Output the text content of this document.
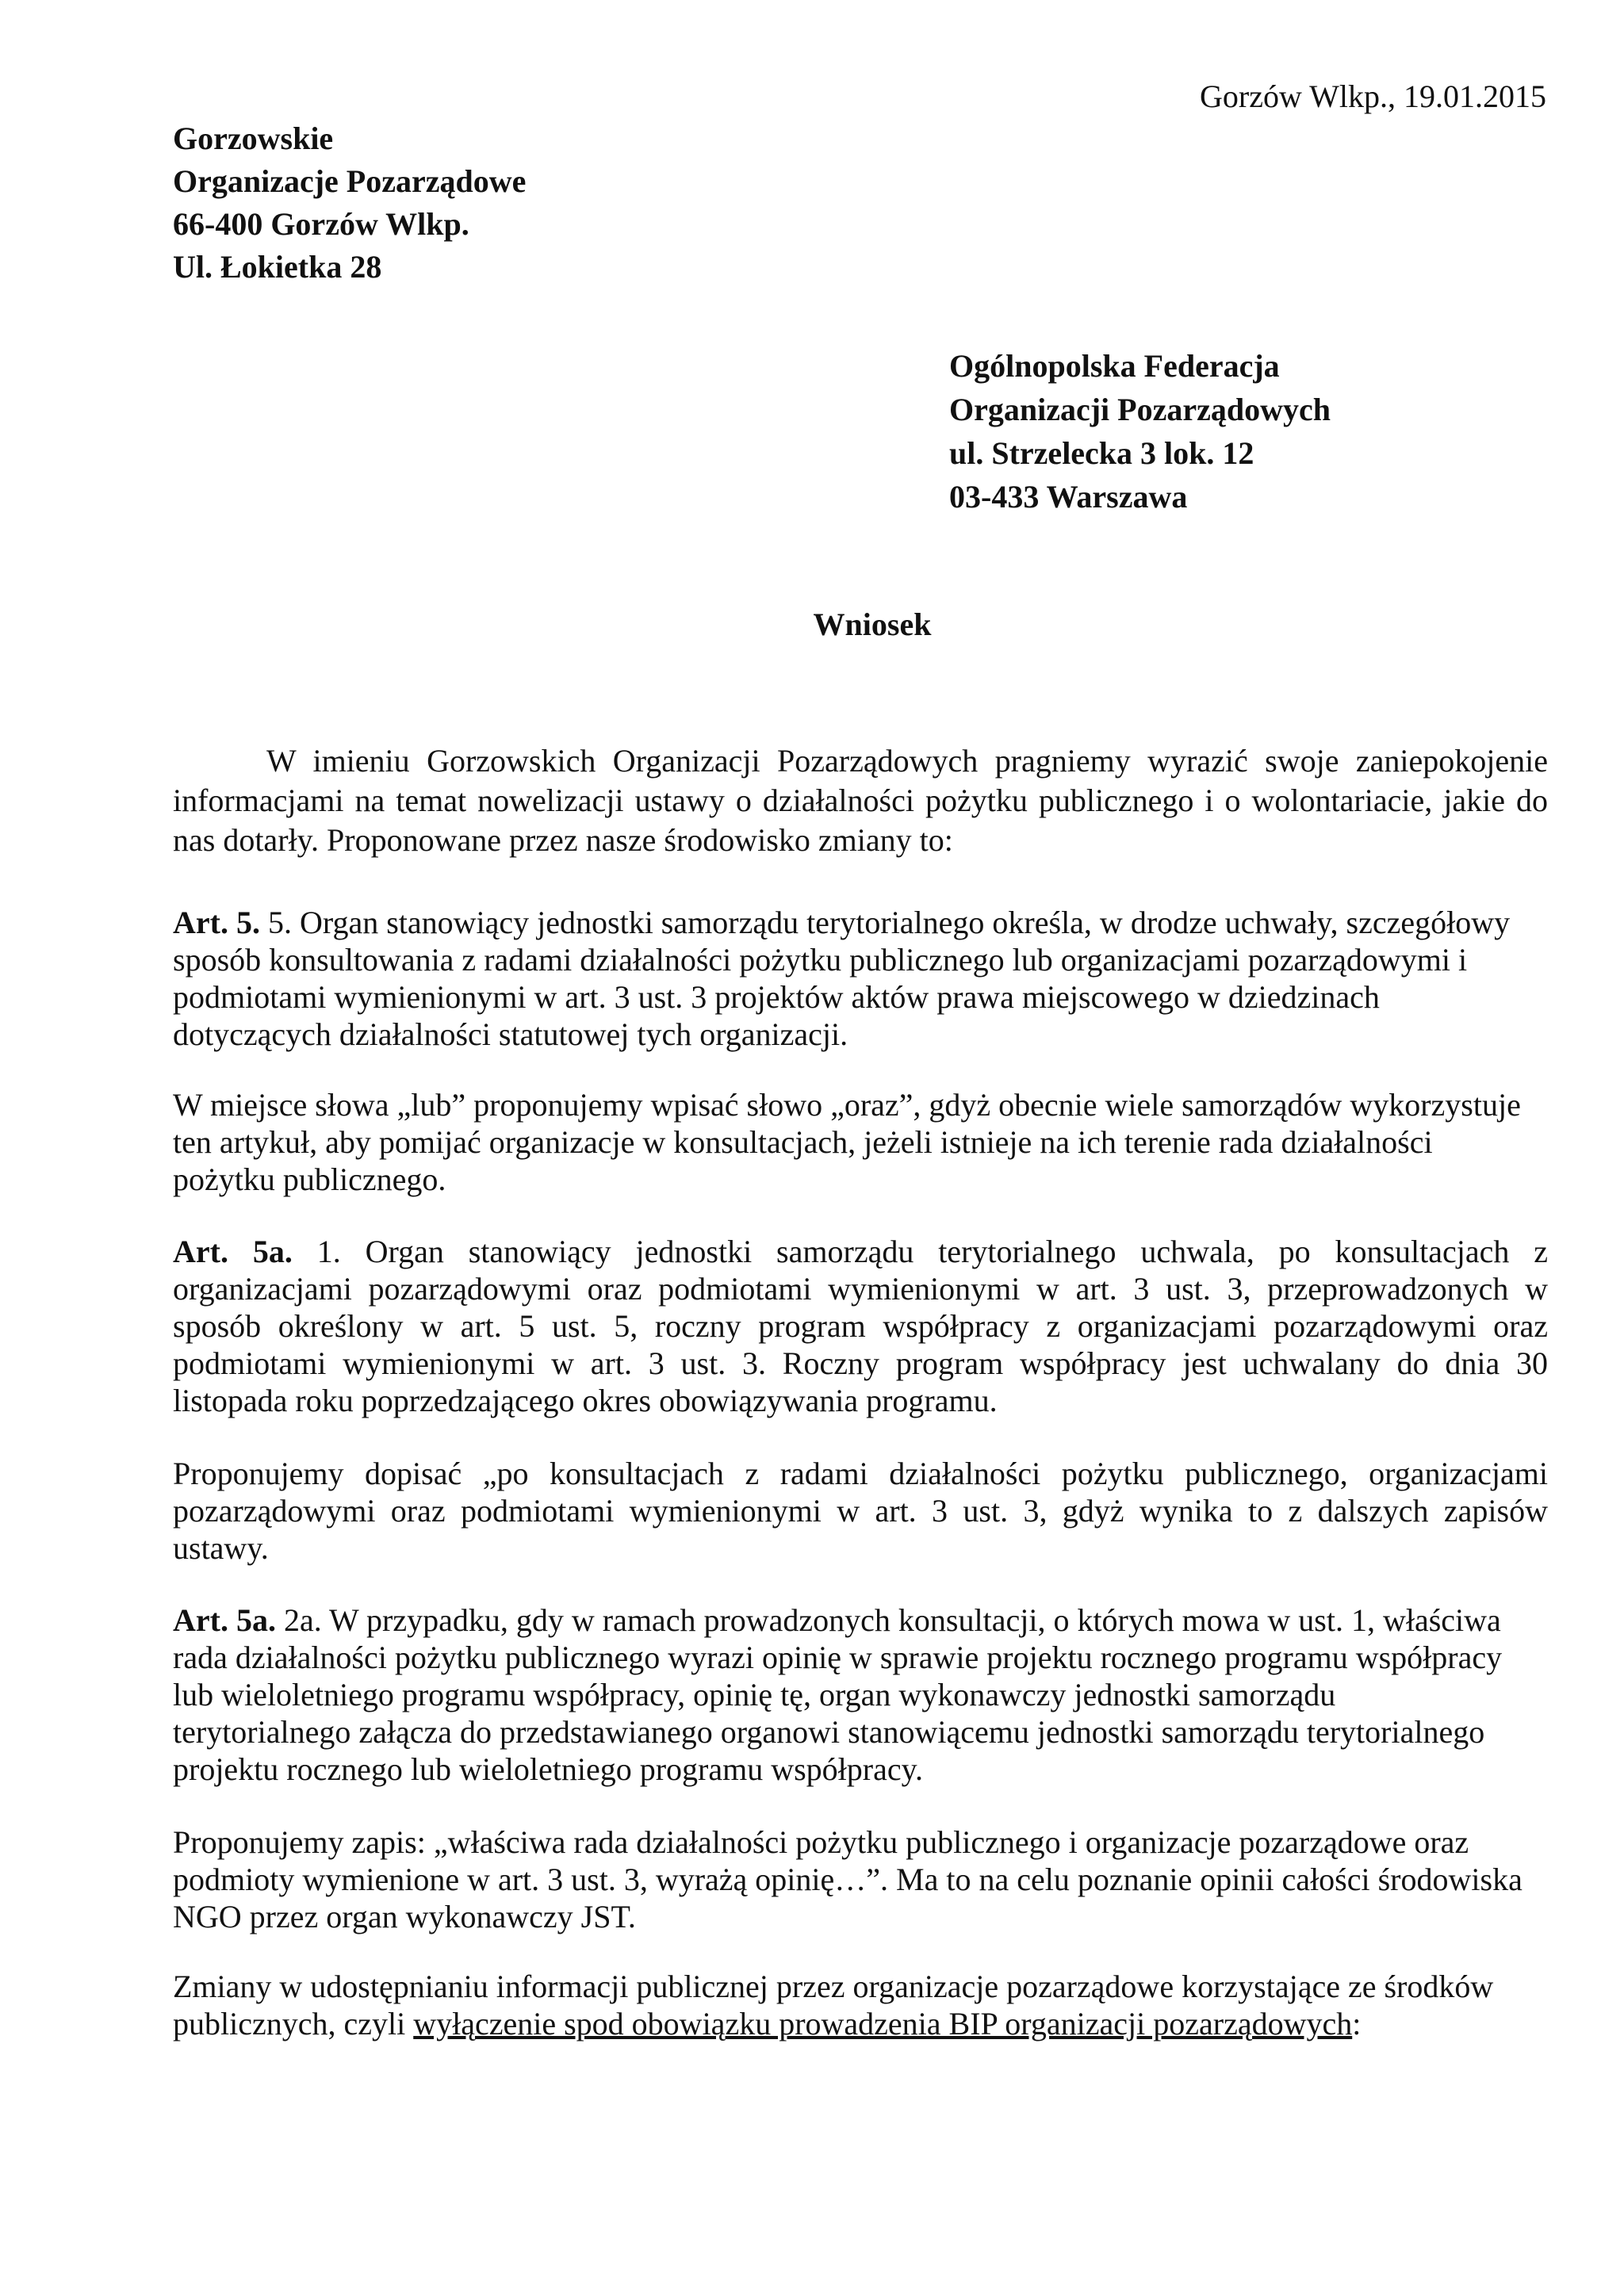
Gorzów Wlkp., 19.01.2015
Gorzowskie
Organizacje Pozarządowe
66-400 Gorzów Wlkp.
Ul. Łokietka 28
Ogólnopolska Federacja
Organizacji Pozarządowych
ul. Strzelecka 3 lok. 12
03-433 Warszawa
Wniosek
W imieniu Gorzowskich Organizacji Pozarządowych pragniemy wyrazić swoje zaniepokojenie
informacjami na temat nowelizacji ustawy o działalności pożytku publicznego i o wolontariacie, jakie do
nas dotarły. Proponowane przez nasze środowisko zmiany to:
Art. 5. 5. Organ stanowiący jednostki samorządu terytorialnego określa, w drodze uchwały, szczegółowy
sposób konsultowania z radami działalności pożytku publicznego lub organizacjami pozarządowymi i
podmiotami wymienionymi w art. 3 ust. 3 projektów aktów prawa miejscowego w dziedzinach
dotyczących działalności statutowej tych organizacji.
W miejsce słowa „lub” proponujemy wpisać słowo „oraz”, gdyż obecnie wiele samorządów wykorzystuje
ten artykuł, aby pomijać organizacje w konsultacjach, jeżeli istnieje na ich terenie rada działalności
pożytku publicznego.
Art. 5a. 1. Organ stanowiący jednostki samorządu terytorialnego uchwala, po konsultacjach z
organizacjami pozarządowymi oraz podmiotami wymienionymi w art. 3 ust. 3, przeprowadzonych w
sposób określony w art. 5 ust. 5, roczny program współpracy z organizacjami pozarządowymi oraz
podmiotami wymienionymi w art. 3 ust. 3. Roczny program współpracy jest uchwalany do dnia 30
listopada roku poprzedzającego okres obowiązywania programu.
Proponujemy dopisać „po konsultacjach z radami działalności pożytku publicznego, organizacjami
pozarządowymi oraz podmiotami wymienionymi w art. 3 ust. 3, gdyż wynika to z dalszych zapisów
ustawy.
Art. 5a. 2a. W przypadku, gdy w ramach prowadzonych konsultacji, o których mowa w ust. 1, właściwa
rada działalności pożytku publicznego wyrazi opinię w sprawie projektu rocznego programu współpracy
lub wieloletniego programu współpracy, opinię tę, organ wykonawczy jednostki samorządu
terytorialnego załącza do przedstawianego organowi stanowiącemu jednostki samorządu terytorialnego
projektu rocznego lub wieloletniego programu współpracy.
Proponujemy zapis: „właściwa rada działalności pożytku publicznego i organizacje pozarządowe oraz
podmioty wymienione w art. 3 ust. 3, wyrażą opinię…”. Ma to na celu poznanie opinii całości środowiska
NGO przez organ wykonawczy JST.
Zmiany w udostępnianiu informacji publicznej przez organizacje pozarządowe korzystające ze środków
publicznych, czyli wyłączenie spod obowiązku prowadzenia BIP organizacji pozarządowych:
